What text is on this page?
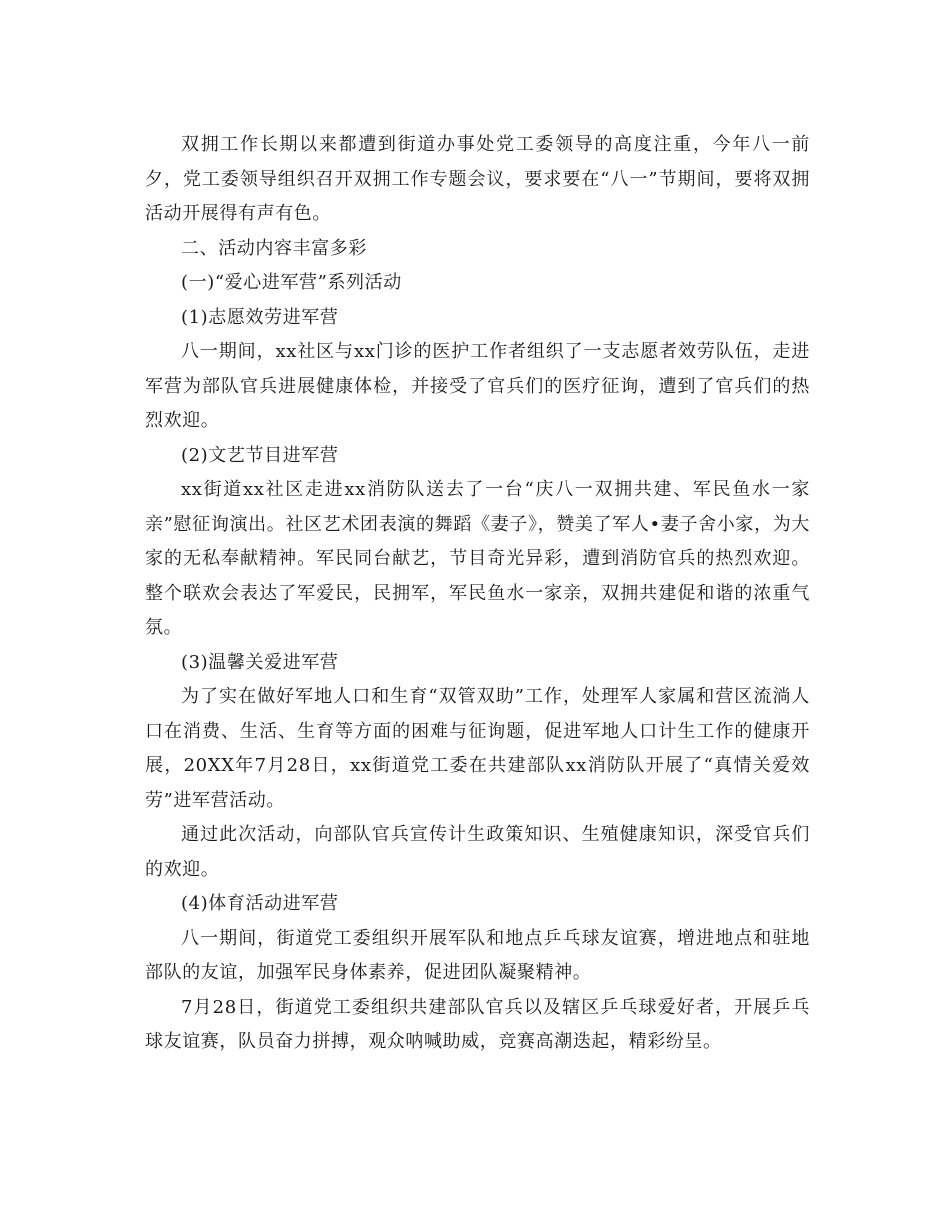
双拥工作长期以来都遭到街道办事处党工委领导的高度注重，今年八一前夕，党工委领导组织召开双拥工作专题会议，要求要在“八一”节期间，要将双拥活动开展得有声有色。

二、活动内容丰富多彩

(一)“爱心进军营”系列活动

(1)志愿效劳进军营

八一期间，xx社区与xx门诊的医护工作者组织了一支志愿者效劳队伍，走进军营为部队官兵进展健康体检，并接受了官兵们的医疗征询，遭到了官兵们的热烈欢迎。

(2)文艺节目进军营

xx街道xx社区走进xx消防队送去了一台“庆八一双拥共建、军民鱼水一家亲”慰征询演出。社区艺术团表演的舞蹈《妻子》，赞美了军人•妻子舍小家，为大家的无私奉献精神。军民同台献艺，节目奇光异彩，遭到消防官兵的热烈欢迎。整个联欢会表达了军爱民，民拥军，军民鱼水一家亲，双拥共建促和谐的浓重气氛。

(3)温馨关爱进军营

为了实在做好军地人口和生育“双管双助”工作，处理军人家属和营区流淌人口在消费、生活、生育等方面的困难与征询题，促进军地人口计生工作的健康开展，20XX年7月28日，xx街道党工委在共建部队xx消防队开展了“真情关爱效劳”进军营活动。

通过此次活动，向部队官兵宣传计生政策知识、生殖健康知识，深受官兵们的欢迎。

(4)体育活动进军营

八一期间，街道党工委组织开展军队和地点乒乓球友谊赛，增进地点和驻地部队的友谊，加强军民身体素养，促进团队凝聚精神。

7月28日，街道党工委组织共建部队官兵以及辖区乒乓球爱好者，开展乒乓球友谊赛，队员奋力拼搏，观众呐喊助威，竞赛高潮迭起，精彩纷呈。
